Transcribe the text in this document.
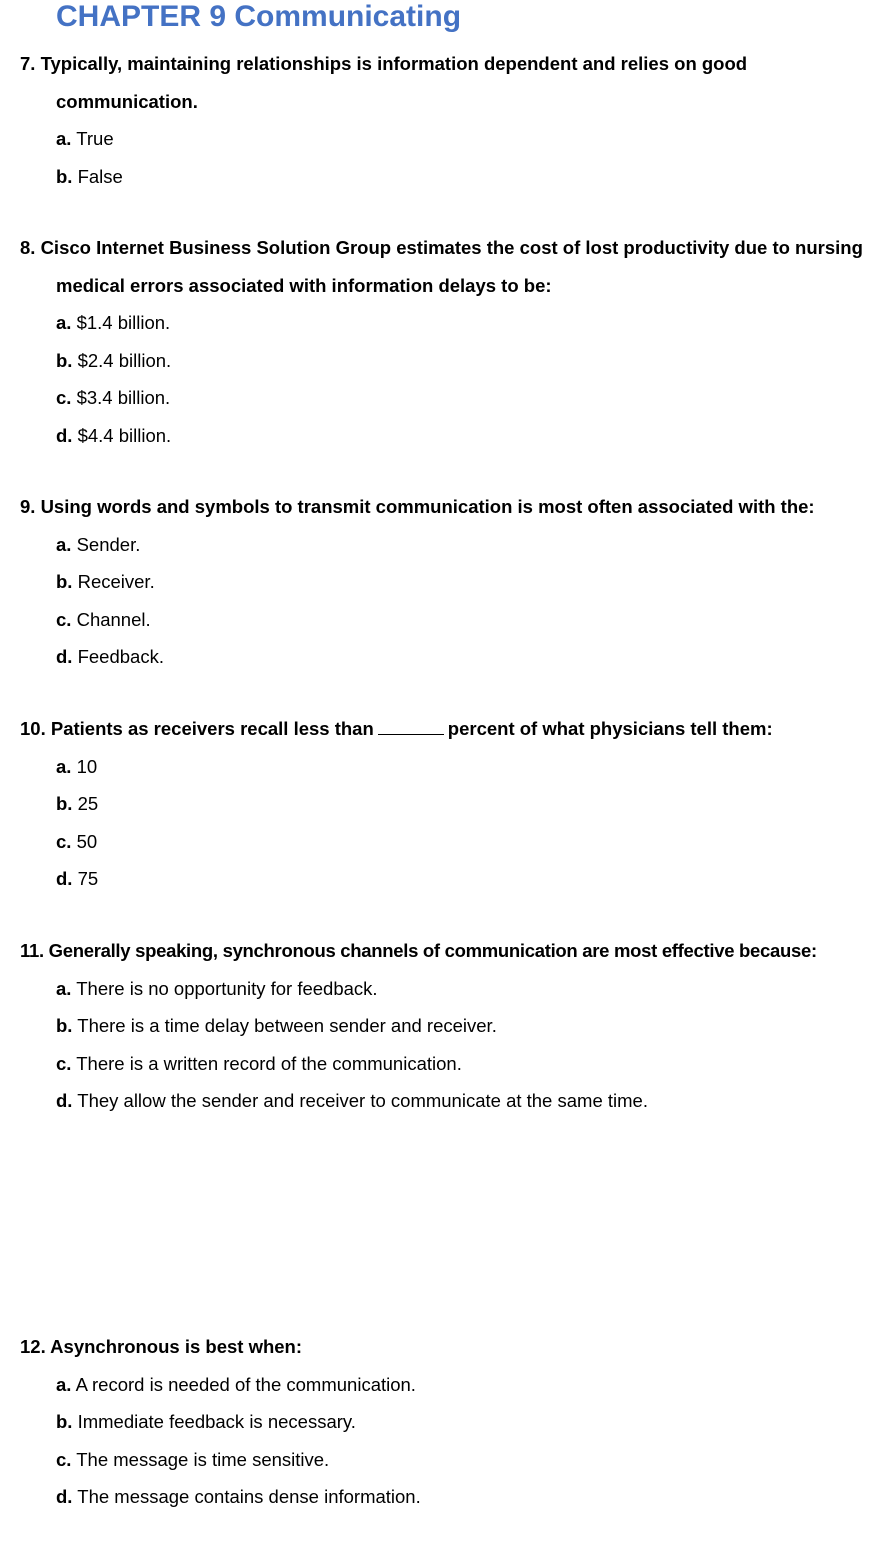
CHAPTER 9 Communicating

7. Typically, maintaining relationships is information dependent and relies on good communication.

a. True
b. False

8. Cisco Internet Business Solution Group estimates the cost of lost productivity due to nursing medical errors associated with information delays to be:

a. $1.4 billion.
b. $2.4 billion.
c. $3.4 billion.
d. $4.4 billion.

9. Using words and symbols to transmit communication is most often associated with the:

a. Sender.
b. Receiver.
c. Channel.
d. Feedback.

10. Patients as receivers recall less than	percent of what physicians tell them:

a. 10
b. 25
c. 50
d. 75

11. Generally speaking, synchronous channels of communication are most effective because:

a. There is no opportunity for feedback.
b. There is a time delay between sender and receiver.
c. There is a written record of the communication.
d. They allow the sender and receiver to communicate at the same time.

12. Asynchronous is best when:

a. A record is needed of the communication.
b. Immediate feedback is necessary.
c. The message is time sensitive.
d. The message contains dense information.
